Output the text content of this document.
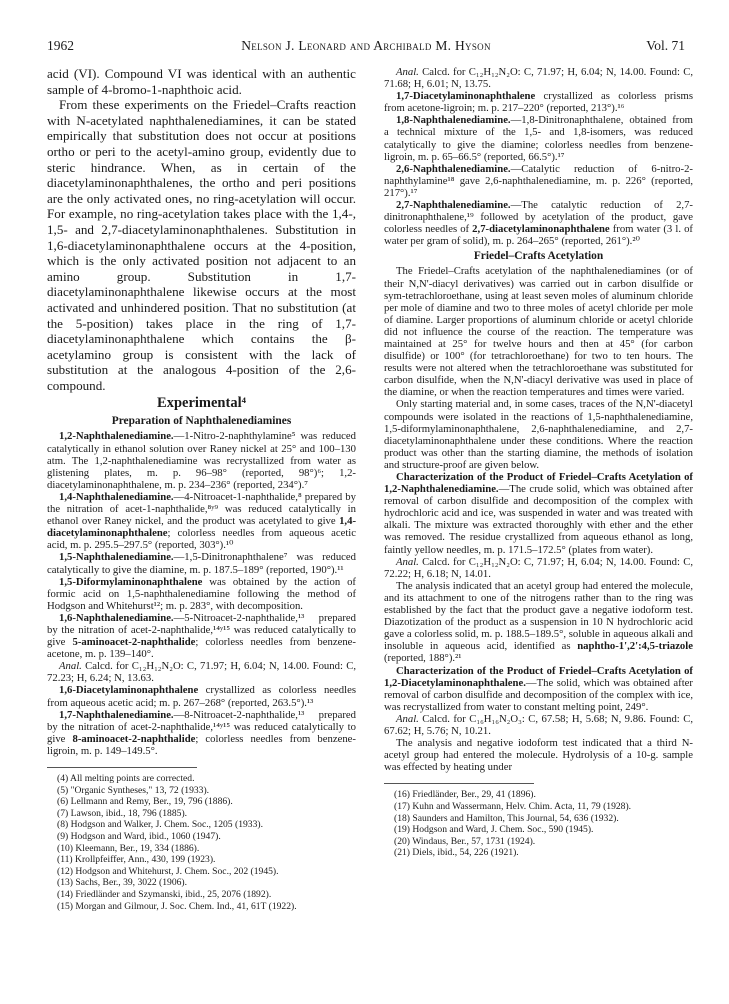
1962	Nelson J. Leonard and Archibald M. Hyson	Vol. 71

acid (VI). Compound VI was identical with an authentic sample of 4-bromo-1-naphthoic acid.

From these experiments on the Friedel–Crafts reaction with N-acetylated naphthalenediamines, it can be stated empirically that substitution does not occur at positions ortho or peri to the acetyl-amino group, evidently due to steric hindrance. When, as in certain of the diacetylaminonaphthalenes, the ortho and peri positions are the only activated ones, no ring-acetylation will occur. For example, no ring-acetylation takes place with the 1,4-, 1,5- and 2,7-diacetylaminonaphthalenes. Substitution in 1,6-diacetylaminonaphthalene occurs at the 4-position, which is the only activated position not adjacent to an amino group. Substitution in 1,7-diacetylaminonaphthalene likewise occurs at the most activated and unhindered position. That no substitution (at the 5-position) takes place in the ring of 1,7-diacetylaminonaphthalene which contains the β-acetylamino group is consistent with the lack of substitution at the analogous 4-position of the 2,6-compound.

Experimental⁴
Preparation of Naphthalenediamines

1,2-Naphthalenediamine.—1-Nitro-2-naphthylamine⁵ was reduced catalytically in ethanol solution over Raney nickel at 25° and 100–130 atm. The 1,2-naphthalenediamine was recrystallized from water as glistening plates, m. p. 96–98° (reported, 98°)⁶; 1,2-diacetylaminonaphthalene, m. p. 234–236° (reported, 234°).⁷

1,4-Naphthalenediamine.—4-Nitroacet-1-naphthalide,⁸ prepared by the nitration of acet-1-naphthalide,⁸ʸ⁹ was reduced catalytically in ethanol over Raney nickel, and the product was acetylated to give 1,4-diacetylaminonaphthalene; colorless needles from aqueous acetic acid, m. p. 295.5–297.5° (reported, 303°).¹⁰

1,5-Naphthalenediamine.—1,5-Dinitronaphthalene⁷ was reduced catalytically to give the diamine, m. p. 187.5–189° (reported, 190°).¹¹

1,5-Diformylaminonaphthalene was obtained by the action of formic acid on 1,5-naphthalenediamine following the method of Hodgson and Whitehurst¹²; m. p. 283°, with decomposition.

1,6-Naphthalenediamine.—5-Nitroacet-2-naphthalide,¹³ prepared by the nitration of acet-2-naphthalide,¹⁴ʸ¹⁵ was reduced catalytically to give 5-aminoacet-2-naphthalide; colorless needles from benzene-acetone, m. p. 139–140°.

Anal. Calcd. for C₁₂H₁₂N₂O: C, 71.97; H, 6.04; N, 14.00. Found: C, 72.23; H, 6.24; N, 13.63.

1,6-Diacetylaminonaphthalene crystallized as colorless needles from aqueous acetic acid; m. p. 267–268° (reported, 263.5°).¹³

1,7-Naphthalenediamine.—8-Nitroacet-2-naphthalide,¹³ prepared by the nitration of acet-2-naphthalide,¹⁴ʸ¹⁵ was reduced catalytically to give 8-aminoacet-2-naphthalide; colorless needles from benzene-ligroin, m. p. 149–149.5°.

(4) All melting points are corrected.
(5) "Organic Syntheses," 13, 72 (1933).
(6) Lellmann and Remy, Ber., 19, 796 (1886).
(7) Lawson, ibid., 18, 796 (1885).
(8) Hodgson and Walker, J. Chem. Soc., 1205 (1933).
(9) Hodgson and Ward, ibid., 1060 (1947).
(10) Kleemann, Ber., 19, 334 (1886).
(11) Krollpfeiffer, Ann., 430, 199 (1923).
(12) Hodgson and Whitehurst, J. Chem. Soc., 202 (1945).
(13) Sachs, Ber., 39, 3022 (1906).
(14) Friedländer and Szymanski, ibid., 25, 2076 (1892).
(15) Morgan and Gilmour, J. Soc. Chem. Ind., 41, 61T (1922).

Anal. Calcd. for C₁₂H₁₂N₂O: C, 71.97; H, 6.04; N, 14.00. Found: C, 71.68; H, 6.01; N, 13.75.

1,7-Diacetylaminonaphthalene crystallized as colorless prisms from acetone-ligroin; m. p. 217–220° (reported, 213°).¹⁶

1,8-Naphthalenediamine.—1,8-Dinitronaphthalene, obtained from a technical mixture of the 1,5- and 1,8-isomers, was reduced catalytically to give the diamine; colorless needles from benzene-ligroin, m. p. 65–66.5° (reported, 66.5°).¹⁷

2,6-Naphthalenediamine.—Catalytic reduction of 6-nitro-2-naphthylamine¹⁸ gave 2,6-naphthalenediamine, m. p. 226° (reported, 217°).¹⁷

2,7-Naphthalenediamine.—The catalytic reduction of 2,7-dinitronaphthalene,¹⁹ followed by acetylation of the product, gave colorless needles of 2,7-diacetylaminonaphthalene from water (3 l. of water per gram of solid), m. p. 264–265° (reported, 261°).²⁰

Friedel–Crafts Acetylation

The Friedel–Crafts acetylation of the naphthalenediamines (or of their N,N'-diacyl derivatives) was carried out in carbon disulfide or sym-tetrachloroethane, using at least seven moles of aluminum chloride per mole of diamine and two to three moles of acetyl chloride per mole of diamine. Larger proportions of aluminum chloride or acetyl chloride did not influence the course of the reaction. The temperature was maintained at 25° for twelve hours and then at 45° (for carbon disulfide) or 100° (for tetrachloroethane) for two to ten hours. The results were not altered when the tetrachloroethane was substituted for carbon disulfide, when the N,N'-diacyl derivative was used in place of the diamine, or when the reaction temperatures and times were varied.

Only starting material and, in some cases, traces of the N,N'-diacetyl compounds were isolated in the reactions of 1,5-naphthalenediamine, 1,5-diformylaminonaphthalene, 2,6-naphthalenediamine, and 2,7-diacetylaminonaphthalene under these conditions. Where the reaction product was other than the starting diamine, the methods of isolation and structure-proof are given below.

Characterization of the Product of Friedel–Crafts Acetylation of 1,2-Naphthalenediamine.—The crude solid, which was obtained after removal of carbon disulfide and decomposition of the complex with hydrochloric acid and ice, was suspended in water and was treated with alkali. The mixture was extracted thoroughly with ether and the ether was removed. The residue crystallized from aqueous ethanol as long, faintly yellow needles, m. p. 171.5–172.5° (plates from water).

Anal. Calcd. for C₁₂H₁₂N₂O: C, 71.97; H, 6.04; N, 14.00. Found: C, 72.22; H, 6.18; N, 14.01.

The analysis indicated that an acetyl group had entered the molecule, and its attachment to one of the nitrogens rather than to the ring was established by the fact that the product gave a negative iodoform test. Diazotization of the product as a suspension in 10 N hydrochloric acid gave a colorless solid, m. p. 188.5–189.5°, soluble in aqueous alkali and insoluble in aqueous acid, identified as naphtho-1',2':4,5-triazole (reported, 188°).²¹

Characterization of the Product of Friedel–Crafts Acetylation of 1,2-Diacetylaminonaphthalene.—The solid, which was obtained after removal of carbon disulfide and decomposition of the complex with ice, was recrystallized from water to constant melting point, 249°.

Anal. Calcd. for C₁₆H₁₆N₂O₃: C, 67.58; H, 5.68; N, 9.86. Found: C, 67.62; H, 5.76; N, 10.21.

The analysis and negative iodoform test indicated that a third N-acetyl group had entered the molecule. Hydrolysis of a 10-g. sample was effected by heating under

(16) Friedländer, Ber., 29, 41 (1896).
(17) Kuhn and Wassermann, Helv. Chim. Acta, 11, 79 (1928).
(18) Saunders and Hamilton, This Journal, 54, 636 (1932).
(19) Hodgson and Ward, J. Chem. Soc., 590 (1945).
(20) Windaus, Ber., 57, 1731 (1924).
(21) Diels, ibid., 54, 226 (1921).
